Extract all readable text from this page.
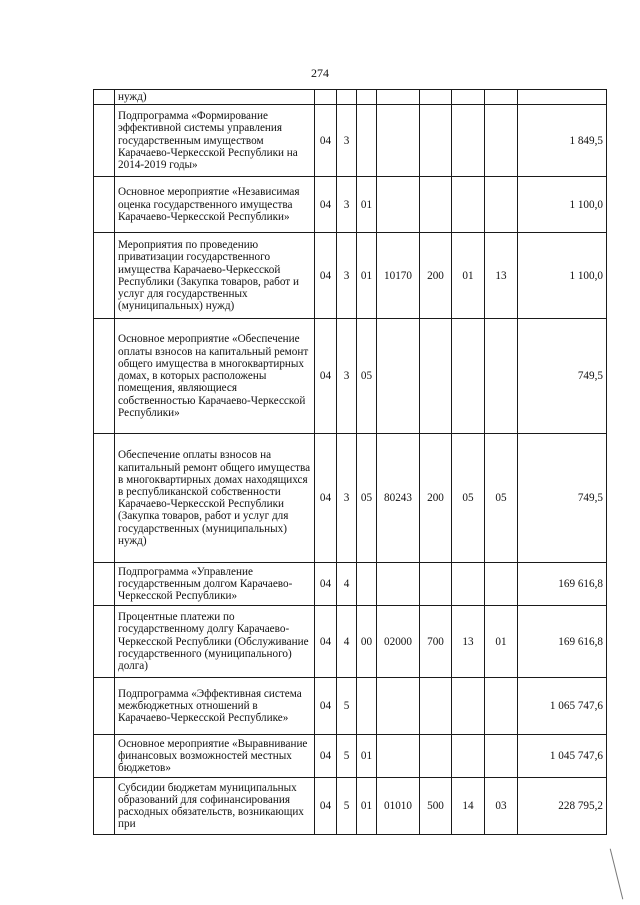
274
	нужд)								
	Подпрограмма «Формирование эффективной системы управления государственным имуществом Карачаево-Черкесской Республики на 2014-2019 годы»	04	3						1 849,5
	Основное мероприятие «Независимая оценка государственного имущества Карачаево-Черкесской Республики»	04	3	01					1 100,0
	Мероприятия по проведению приватизации государственного имущества Карачаево-Черкесской Республики (Закупка товаров, работ и услуг для государственных (муниципальных) нужд)	04	3	01	10170	200	01	13	1 100,0
	Основное мероприятие «Обеспечение оплаты взносов на капитальный ремонт общего имущества в многоквартирных домах, в которых расположены помещения, являющиеся собственностью Карачаево-Черкесской Республики»	04	3	05					749,5
	Обеспечение оплаты взносов на капитальный ремонт общего имущества в многоквартирных домах находящихся в республиканской собственности Карачаево-Черкесской Республики (Закупка товаров, работ и услуг для государственных (муниципальных) нужд)	04	3	05	80243	200	05	05	749,5
	Подпрограмма «Управление государственным долгом Карачаево-Черкесской Республики»	04	4						169 616,8
	Процентные платежи по государственному долгу Карачаево-Черкесской Республики (Обслуживание государственного (муниципального) долга)	04	4	00	02000	700	13	01	169 616,8
	Подпрограмма «Эффективная система межбюджетных отношений в Карачаево-Черкесской Республике»	04	5						1 065 747,6
	Основное мероприятие «Выравнивание финансовых возможностей местных бюджетов»	04	5	01					1 045 747,6
	Субсидии бюджетам муниципальных образований для софинансирования расходных обязательств, возникающих при	04	5	01	01010	500	14	03	228 795,2
